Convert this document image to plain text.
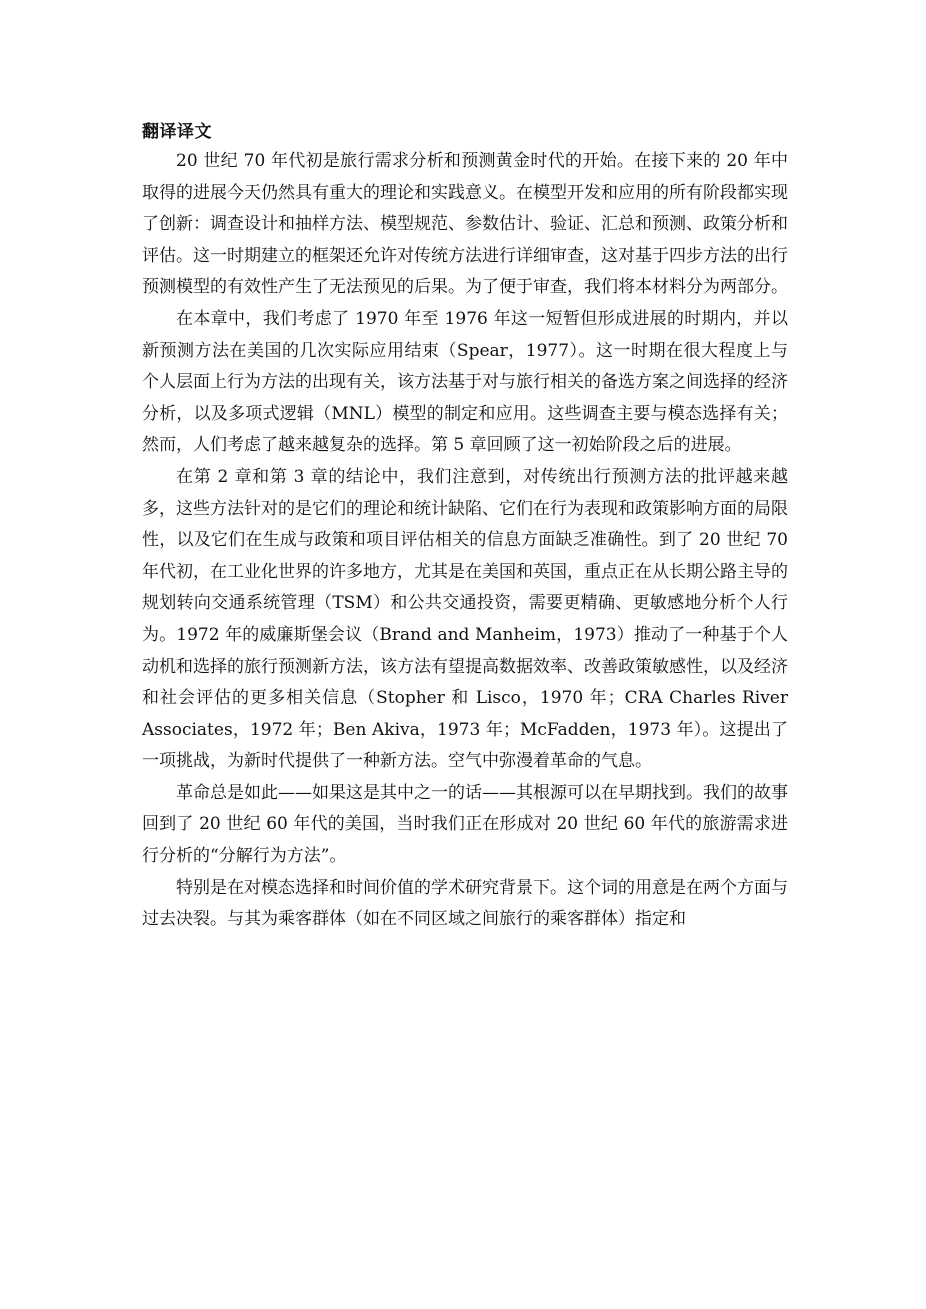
翻译译文

20 世纪 70 年代初是旅行需求分析和预测黄金时代的开始。在接下来的 20 年中取得的进展今天仍然具有重大的理论和实践意义。在模型开发和应用的所有阶段都实现了创新：调查设计和抽样方法、模型规范、参数估计、验证、汇总和预测、政策分析和评估。这一时期建立的框架还允许对传统方法进行详细审查，这对基于四步方法的出行预测模型的有效性产生了无法预见的后果。为了便于审查，我们将本材料分为两部分。

在本章中，我们考虑了 1970 年至 1976 年这一短暂但形成进展的时期内，并以新预测方法在美国的几次实际应用结束（Spear，1977）。这一时期在很大程度上与个人层面上行为方法的出现有关，该方法基于对与旅行相关的备选方案之间选择的经济分析，以及多项式逻辑（MNL）模型的制定和应用。这些调查主要与模态选择有关；然而，人们考虑了越来越复杂的选择。第 5 章回顾了这一初始阶段之后的进展。

在第 2 章和第 3 章的结论中，我们注意到，对传统出行预测方法的批评越来越多，这些方法针对的是它们的理论和统计缺陷、它们在行为表现和政策影响方面的局限性，以及它们在生成与政策和项目评估相关的信息方面缺乏准确性。到了 20 世纪 70 年代初，在工业化世界的许多地方，尤其是在美国和英国，重点正在从长期公路主导的规划转向交通系统管理（TSM）和公共交通投资，需要更精确、更敏感地分析个人行为。1972 年的威廉斯堡会议（Brand and Manheim，1973）推动了一种基于个人动机和选择的旅行预测新方法，该方法有望提高数据效率、改善政策敏感性，以及经济和社会评估的更多相关信息（Stopher 和 Lisco，1970 年；CRA Charles River Associates，1972 年；Ben Akiva，1973 年；McFadden，1973 年）。这提出了一项挑战，为新时代提供了一种新方法。空气中弥漫着革命的气息。

革命总是如此——如果这是其中之一的话——其根源可以在早期找到。我们的故事回到了 20 世纪 60 年代的美国，当时我们正在形成对 20 世纪 60 年代的旅游需求进行分析的“分解行为方法”。

特别是在对模态选择和时间价值的学术研究背景下。这个词的用意是在两个方面与过去决裂。与其为乘客群体（如在不同区域之间旅行的乘客群体）指定和
